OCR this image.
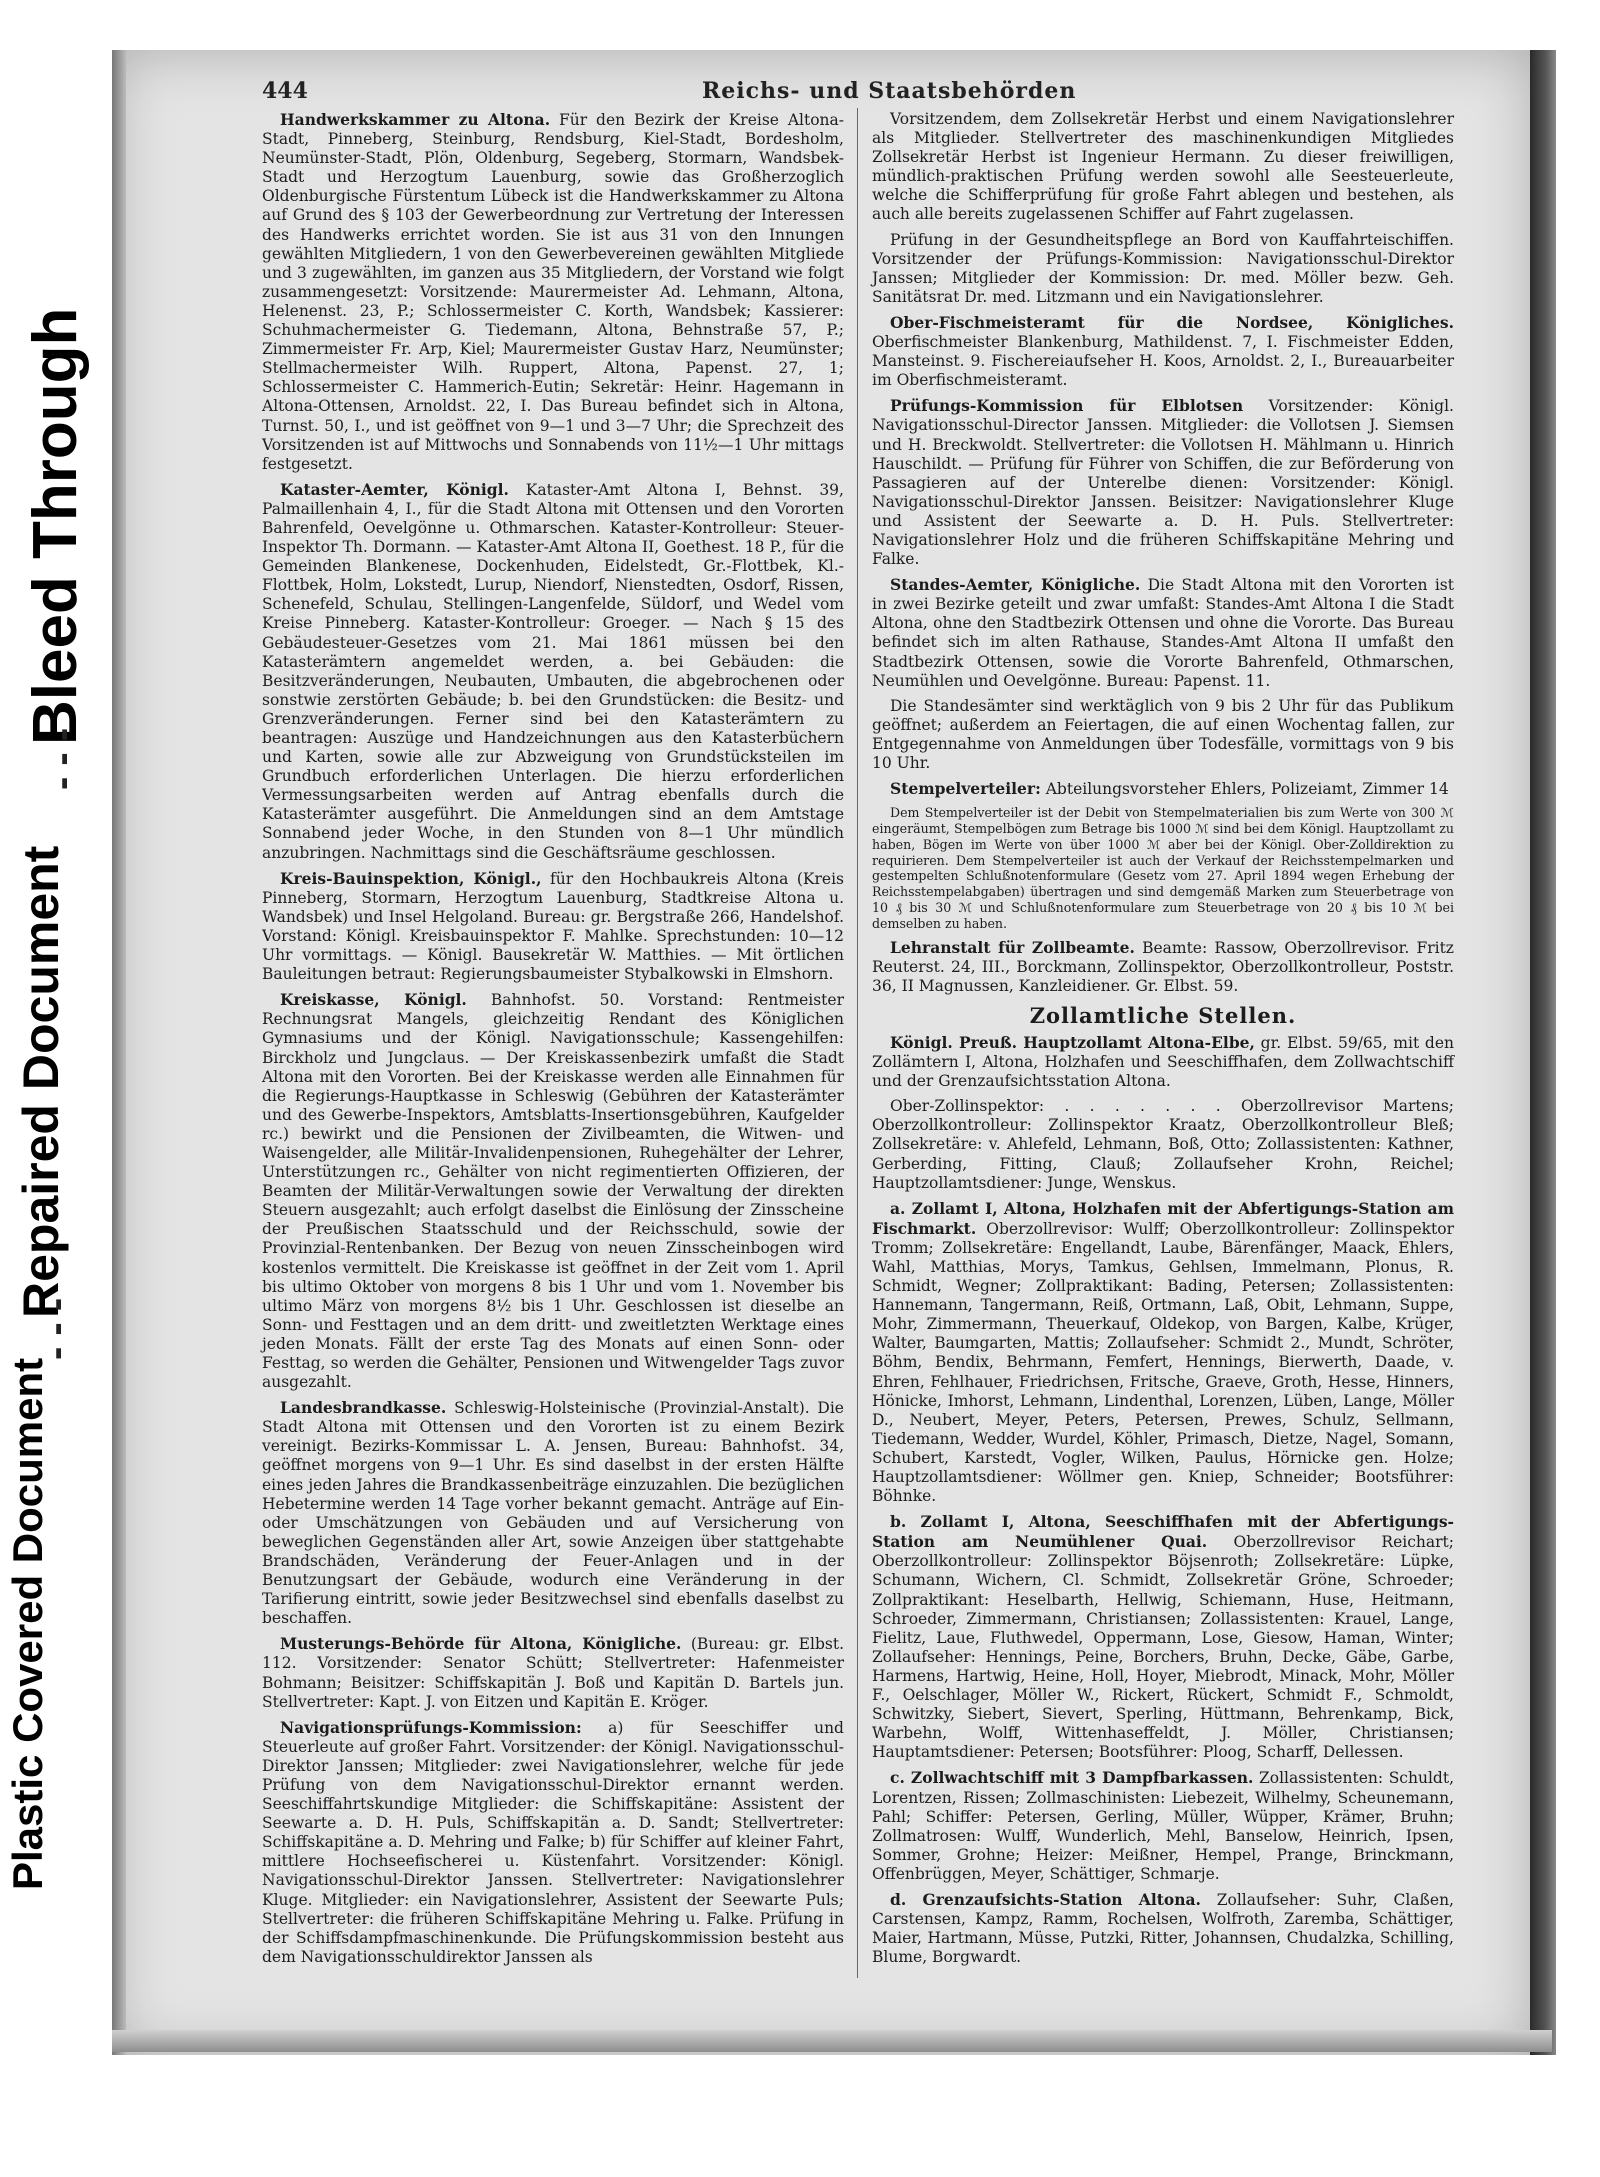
Bleed Through
- - -
Repaired Document
- - -
Plastic Covered Document
444	Reichs- und Staatsbehörden

Handwerkskammer zu Altona. Für den Bezirk der Kreise Altona-Stadt, Pinneberg, Steinburg, Rendsburg, Kiel-Stadt, Bordesholm, Neumünster-Stadt, Plön, Oldenburg, Segeberg, Stormarn, Wandsbek-Stadt und Herzogtum Lauenburg, sowie das Großherzoglich Oldenburgische Fürstentum Lübeck ist die Handwerkskammer zu Altona auf Grund des § 103 der Gewerbeordnung zur Vertretung der Interessen des Handwerks errichtet worden. Sie ist aus 31 von den Innungen gewählten Mitgliedern, 1 von den Gewerbevereinen gewählten Mitgliede und 3 zugewählten, im ganzen aus 35 Mitgliedern, der Vorstand wie folgt zusammengesetzt: Vorsitzende: Maurermeister Ad. Lehmann, Altona, Helenenst. 23, P.; Schlossermeister C. Korth, Wandsbek; Kassierer: Schuhmachermeister G. Tiedemann, Altona, Behnstraße 57, P.; Zimmermeister Fr. Arp, Kiel; Maurermeister Gustav Harz, Neumünster; Stellmachermeister Wilh. Ruppert, Altona, Papenst. 27, 1; Schlossermeister C. Hammerich-Eutin; Sekretär: Heinr. Hagemann in Altona-Ottensen, Arnoldst. 22, I. Das Bureau befindet sich in Altona, Turnst. 50, I., und ist geöffnet von 9—1 und 3—7 Uhr; die Sprechzeit des Vorsitzenden ist auf Mittwochs und Sonnabends von 11½—1 Uhr mittags festgesetzt.

Kataster-Aemter, Königl. Kataster-Amt Altona I, Behnst. 39, Palmaillenhain 4, I., für die Stadt Altona mit Ottensen und den Vororten Bahrenfeld, Oevelgönne u. Othmarschen. Kataster-Kontrolleur: Steuer-Inspektor Th. Dormann. — Kataster-Amt Altona II, Goethest. 18 P., für die Gemeinden Blankenese, Dockenhuden, Eidelstedt, Gr.-Flottbek, Kl.-Flottbek, Holm, Lokstedt, Lurup, Niendorf, Nienstedten, Osdorf, Rissen, Schenefeld, Schulau, Stellingen-Langenfelde, Süldorf, und Wedel vom Kreise Pinneberg. Kataster-Kontrolleur: Groeger. — Nach § 15 des Gebäudesteuer-Gesetzes vom 21. Mai 1861 müssen bei den Katasterämtern angemeldet werden, a. bei Gebäuden: die Besitzveränderungen, Neubauten, Umbauten, die abgebrochenen oder sonstwie zerstörten Gebäude; b. bei den Grundstücken: die Besitz- und Grenzveränderungen. Ferner sind bei den Katasterämtern zu beantragen: Auszüge und Handzeichnungen aus den Katasterbüchern und Karten, sowie alle zur Abzweigung von Grundstücksteilen im Grundbuch erforderlichen Unterlagen. Die hierzu erforderlichen Vermessungsarbeiten werden auf Antrag ebenfalls durch die Katasterämter ausgeführt. Die Anmeldungen sind an dem Amtstage Sonnabend jeder Woche, in den Stunden von 8—1 Uhr mündlich anzubringen. Nachmittags sind die Geschäftsräume geschlossen.

Kreis-Bauinspektion, Königl., für den Hochbaukreis Altona (Kreis Pinneberg, Stormarn, Herzogtum Lauenburg, Stadtkreise Altona u. Wandsbek) und Insel Helgoland. Bureau: gr. Bergstraße 266, Handelshof. Vorstand: Königl. Kreisbauinspektor F. Mahlke. Sprechstunden: 10—12 Uhr vormittags. — Königl. Bausekretär W. Matthies. — Mit örtlichen Bauleitungen betraut: Regierungsbaumeister Stybalkowski in Elmshorn.

Kreiskasse, Königl. Bahnhofst. 50. Vorstand: Rentmeister Rechnungsrat Mangels, gleichzeitig Rendant des Königlichen Gymnasiums und der Königl. Navigationsschule; Kassengehilfen: Birckholz und Jungclaus. — Der Kreiskassenbezirk umfaßt die Stadt Altona mit den Vororten. Bei der Kreiskasse werden alle Einnahmen für die Regierungs-Hauptkasse in Schleswig (Gebühren der Katasterämter und des Gewerbe-Inspektors, Amtsblatts-Insertionsgebühren, Kaufgelder rc.) bewirkt und die Pensionen der Zivilbeamten, die Witwen- und Waisengelder, alle Militär-Invalidenpensionen, Ruhegehälter der Lehrer, Unterstützungen rc., Gehälter von nicht regimentierten Offizieren, der Beamten der Militär-Verwaltungen sowie der Verwaltung der direkten Steuern ausgezahlt; auch erfolgt daselbst die Einlösung der Zinsscheine der Preußischen Staatsschuld und der Reichsschuld, sowie der Provinzial-Rentenbanken. Der Bezug von neuen Zinsscheinbogen wird kostenlos vermittelt. Die Kreiskasse ist geöffnet in der Zeit vom 1. April bis ultimo Oktober von morgens 8 bis 1 Uhr und vom 1. November bis ultimo März von morgens 8½ bis 1 Uhr. Geschlossen ist dieselbe an Sonn- und Festtagen und an dem dritt- und zweitletzten Werktage eines jeden Monats. Fällt der erste Tag des Monats auf einen Sonn- oder Festtag, so werden die Gehälter, Pensionen und Witwengelder Tags zuvor ausgezahlt.

Landesbrandkasse. Schleswig-Holsteinische (Provinzial-Anstalt). Die Stadt Altona mit Ottensen und den Vororten ist zu einem Bezirk vereinigt. Bezirks-Kommissar L. A. Jensen, Bureau: Bahnhofst. 34, geöffnet morgens von 9—1 Uhr. Es sind daselbst in der ersten Hälfte eines jeden Jahres die Brandkassenbeiträge einzuzahlen. Die bezüglichen Hebetermine werden 14 Tage vorher bekannt gemacht. Anträge auf Ein- oder Umschätzungen von Gebäuden und auf Versicherung von beweglichen Gegenständen aller Art, sowie Anzeigen über stattgehabte Brandschäden, Veränderung der Feuer-Anlagen und in der Benutzungsart der Gebäude, wodurch eine Veränderung in der Tarifierung eintritt, sowie jeder Besitzwechsel sind ebenfalls daselbst zu beschaffen.

Musterungs-Behörde für Altona, Königliche. (Bureau: gr. Elbst. 112. Vorsitzender: Senator Schütt; Stellvertreter: Hafenmeister Bohmann; Beisitzer: Schiffskapitän J. Boß und Kapitän D. Bartels jun. Stellvertreter: Kapt. J. von Eitzen und Kapitän E. Kröger.

Navigationsprüfungs-Kommission: a) für Seeschiffer und Steuerleute auf großer Fahrt. Vorsitzender: der Königl. Navigationsschul-Direktor Janssen; Mitglieder: zwei Navigationslehrer, welche für jede Prüfung von dem Navigationsschul-Direktor ernannt werden. Seeschiffahrtskundige Mitglieder: die Schiffskapitäne: Assistent der Seewarte a. D. H. Puls, Schiffskapitän a. D. Sandt; Stellvertreter: Schiffskapitäne a. D. Mehring und Falke; b) für Schiffer auf kleiner Fahrt, mittlere Hochseefischerei u. Küstenfahrt. Vorsitzender: Königl. Navigationsschul-Direktor Janssen. Stellvertreter: Navigationslehrer Kluge. Mitglieder: ein Navigationslehrer, Assistent der Seewarte Puls; Stellvertreter: die früheren Schiffskapitäne Mehring u. Falke. Prüfung in der Schiffsdampfmaschinenkunde. Die Prüfungskommission besteht aus dem Navigationsschuldirektor Janssen als

Vorsitzendem, dem Zollsekretär Herbst und einem Navigationslehrer als Mitglieder. Stellvertreter des maschinenkundigen Mitgliedes Zollsekretär Herbst ist Ingenieur Hermann. Zu dieser freiwilligen, mündlich-praktischen Prüfung werden sowohl alle Seesteuerleute, welche die Schifferprüfung für große Fahrt ablegen und bestehen, als auch alle bereits zugelassenen Schiffer auf Fahrt zugelassen.

Prüfung in der Gesundheitspflege an Bord von Kauffahrteischiffen. Vorsitzender der Prüfungs-Kommission: Navigationsschul-Direktor Janssen; Mitglieder der Kommission: Dr. med. Möller bezw. Geh. Sanitätsrat Dr. med. Litzmann und ein Navigationslehrer.

Ober-Fischmeisteramt für die Nordsee, Königliches. Oberfischmeister Blankenburg, Mathildenst. 7, I. Fischmeister Edden, Mansteinst. 9. Fischereiaufseher H. Koos, Arnoldst. 2, I., Bureauarbeiter im Oberfischmeisteramt.

Prüfungs-Kommission für Elblotsen Vorsitzender: Königl. Navigationsschul-Director Janssen. Mitglieder: die Vollotsen J. Siemsen und H. Breckwoldt. Stellvertreter: die Vollotsen H. Mählmann u. Hinrich Hauschildt. — Prüfung für Führer von Schiffen, die zur Beförderung von Passagieren auf der Unterelbe dienen: Vorsitzender: Königl. Navigationsschul-Direktor Janssen. Beisitzer: Navigationslehrer Kluge und Assistent der Seewarte a. D. H. Puls. Stellvertreter: Navigationslehrer Holz und die früheren Schiffskapitäne Mehring und Falke.

Standes-Aemter, Königliche. Die Stadt Altona mit den Vororten ist in zwei Bezirke geteilt und zwar umfaßt: Standes-Amt Altona I die Stadt Altona, ohne den Stadtbezirk Ottensen und ohne die Vororte. Das Bureau befindet sich im alten Rathause, Standes-Amt Altona II umfaßt den Stadtbezirk Ottensen, sowie die Vororte Bahrenfeld, Othmarschen, Neumühlen und Oevelgönne. Bureau: Papenst. 11.

Die Standesämter sind werktäglich von 9 bis 2 Uhr für das Publikum geöffnet; außerdem an Feiertagen, die auf einen Wochentag fallen, zur Entgegennahme von Anmeldungen über Todesfälle, vormittags von 9 bis 10 Uhr.

Stempelverteiler: Abteilungsvorsteher Ehlers, Polizeiamt, Zimmer 14

Dem Stempelverteiler ist der Debit von Stempelmaterialien bis zum Werte von 300 ℳ eingeräumt, Stempelbögen zum Betrage bis 1000 ℳ sind bei dem Königl. Hauptzollamt zu haben, Bögen im Werte von über 1000 ℳ aber bei der Königl. Ober-Zolldirektion zu requirieren. Dem Stempelverteiler ist auch der Verkauf der Reichsstempelmarken und gestempelten Schlußnotenformulare (Gesetz vom 27. April 1894 wegen Erhebung der Reichsstempelabgaben) übertragen und sind demgemäß Marken zum Steuerbetrage von 10 ₰ bis 30 ℳ und Schlußnotenformulare zum Steuerbetrage von 20 ₰ bis 10 ℳ bei demselben zu haben.

Lehranstalt für Zollbeamte. Beamte: Rassow, Oberzollrevisor. Fritz Reuterst. 24, III., Borckmann, Zollinspektor, Oberzollkontrolleur, Poststr. 36, II Magnussen, Kanzleidiener. Gr. Elbst. 59.

Zollamtliche Stellen.

Königl. Preuß. Hauptzollamt Altona-Elbe, gr. Elbst. 59/65, mit den Zollämtern I, Altona, Holzhafen und Seeschiffhafen, dem Zollwachtschiff und der Grenzaufsichtsstation Altona.

Ober-Zollinspektor: . . . . . . . Oberzollrevisor Martens; Oberzollkontrolleur: Zollinspektor Kraatz, Oberzollkontrolleur Bleß; Zollsekretäre: v. Ahlefeld, Lehmann, Boß, Otto; Zollassistenten: Kathner, Gerberding, Fitting, Clauß; Zollaufseher Krohn, Reichel; Hauptzollamtsdiener: Junge, Wenskus.

a. Zollamt I, Altona, Holzhafen mit der Abfertigungs-Station am Fischmarkt. Oberzollrevisor: Wulff; Oberzollkontrolleur: Zollinspektor Tromm; Zollsekretäre: Engellandt, Laube, Bärenfänger, Maack, Ehlers, Wahl, Matthias, Morys, Tamkus, Gehlsen, Immelmann, Plonus, R. Schmidt, Wegner; Zollpraktikant: Bading, Petersen; Zollassistenten: Hannemann, Tangermann, Reiß, Ortmann, Laß, Obit, Lehmann, Suppe, Mohr, Zimmermann, Theuerkauf, Oldekop, von Bargen, Kalbe, Krüger, Walter, Baumgarten, Mattis; Zollaufseher: Schmidt 2., Mundt, Schröter, Böhm, Bendix, Behrmann, Femfert, Hennings, Bierwerth, Daade, v. Ehren, Fehlhauer, Friedrichsen, Fritsche, Graeve, Groth, Hesse, Hinners, Hönicke, Imhorst, Lehmann, Lindenthal, Lorenzen, Lüben, Lange, Möller D., Neubert, Meyer, Peters, Petersen, Prewes, Schulz, Sellmann, Tiedemann, Wedder, Wurdel, Köhler, Primasch, Dietze, Nagel, Somann, Schubert, Karstedt, Vogler, Wilken, Paulus, Hörnicke gen. Holze; Hauptzollamtsdiener: Wöllmer gen. Kniep, Schneider; Bootsführer: Böhnke.

b. Zollamt I, Altona, Seeschiffhafen mit der Abfertigungs-Station am Neumühlener Quai. Oberzollrevisor Reichart; Oberzollkontrolleur: Zollinspektor Böjsenroth; Zollsekretäre: Lüpke, Schumann, Wichern, Cl. Schmidt, Zollsekretär Gröne, Schroeder; Zollpraktikant: Heselbarth, Hellwig, Schiemann, Huse, Heitmann, Schroeder, Zimmermann, Christiansen; Zollassistenten: Krauel, Lange, Fielitz, Laue, Fluthwedel, Oppermann, Lose, Giesow, Haman, Winter; Zollaufseher: Hennings, Peine, Borchers, Bruhn, Decke, Gäbe, Garbe, Harmens, Hartwig, Heine, Holl, Hoyer, Miebrodt, Minack, Mohr, Möller F., Oelschlager, Möller W., Rickert, Rückert, Schmidt F., Schmoldt, Schwitzky, Siebert, Sievert, Sperling, Hüttmann, Behrenkamp, Bick, Warbehn, Wolff, Wittenhaseffeldt, J. Möller, Christiansen; Hauptamtsdiener: Petersen; Bootsführer: Ploog, Scharff, Dellessen.

c. Zollwachtschiff mit 3 Dampfbarkassen. Zollassistenten: Schuldt, Lorentzen, Rissen; Zollmaschinisten: Liebezeit, Wilhelmy, Scheunemann, Pahl; Schiffer: Petersen, Gerling, Müller, Wüpper, Krämer, Bruhn; Zollmatrosen: Wulff, Wunderlich, Mehl, Banselow, Heinrich, Ipsen, Sommer, Grohne; Heizer: Meißner, Hempel, Prange, Brinckmann, Offenbrüggen, Meyer, Schättiger, Schmarje.

d. Grenzaufsichts-Station Altona. Zollaufseher: Suhr, Claßen, Carstensen, Kampz, Ramm, Rochelsen, Wolfroth, Zaremba, Schättiger, Maier, Hartmann, Müsse, Putzki, Ritter, Johannsen, Chudalzka, Schilling, Blume, Borgwardt.
